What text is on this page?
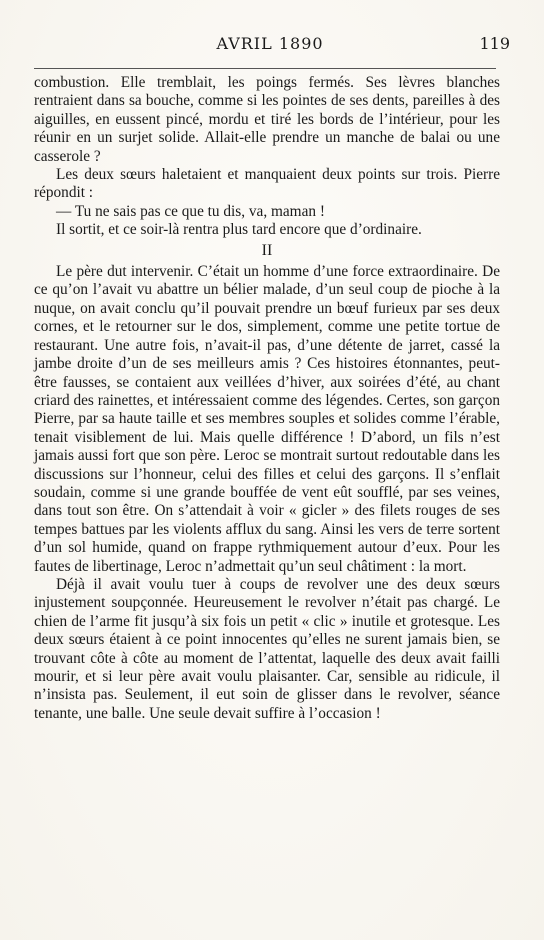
AVRIL 1890	119

combustion. Elle tremblait, les poings fermés. Ses lèvres blanches rentraient dans sa bouche, comme si les pointes de ses dents, pareilles à des aiguilles, en eussent pincé, mordu et tiré les bords de l’intérieur, pour les réunir en un surjet solide. Allait-elle prendre un manche de balai ou une casserole ?

Les deux sœurs haletaient et manquaient deux points sur trois. Pierre répondit :

— Tu ne sais pas ce que tu dis, va, maman !

Il sortit, et ce soir-là rentra plus tard encore que d’ordinaire.

II

Le père dut intervenir. C’était un homme d’une force extraordinaire. De ce qu’on l’avait vu abattre un bélier malade, d’un seul coup de pioche à la nuque, on avait conclu qu’il pouvait prendre un bœuf furieux par ses deux cornes, et le retourner sur le dos, simplement, comme une petite tortue de restaurant. Une autre fois, n’avait-il pas, d’une détente de jarret, cassé la jambe droite d’un de ses meilleurs amis ? Ces histoires étonnantes, peut-être fausses, se contaient aux veillées d’hiver, aux soirées d’été, au chant criard des rainettes, et intéressaient comme des légendes. Certes, son garçon Pierre, par sa haute taille et ses membres souples et solides comme l’érable, tenait visiblement de lui. Mais quelle différence ! D’abord, un fils n’est jamais aussi fort que son père. Leroc se montrait surtout redoutable dans les discussions sur l’honneur, celui des filles et celui des garçons. Il s’enflait soudain, comme si une grande bouffée de vent eût soufflé, par ses veines, dans tout son être. On s’attendait à voir « gicler » des filets rouges de ses tempes battues par les violents afflux du sang. Ainsi les vers de terre sortent d’un sol humide, quand on frappe rythmiquement autour d’eux. Pour les fautes de libertinage, Leroc n’admettait qu’un seul châtiment : la mort.

Déjà il avait voulu tuer à coups de revolver une des deux sœurs injustement soupçonnée. Heureusement le revolver n’était pas chargé. Le chien de l’arme fit jusqu’à six fois un petit « clic » inutile et grotesque. Les deux sœurs étaient à ce point innocentes qu’elles ne surent jamais bien, se trouvant côte à côte au moment de l’attentat, laquelle des deux avait failli mourir, et si leur père avait voulu plaisanter. Car, sensible au ridicule, il n’insista pas. Seulement, il eut soin de glisser dans le revolver, séance tenante, une balle. Une seule devait suffire à l’occasion !
